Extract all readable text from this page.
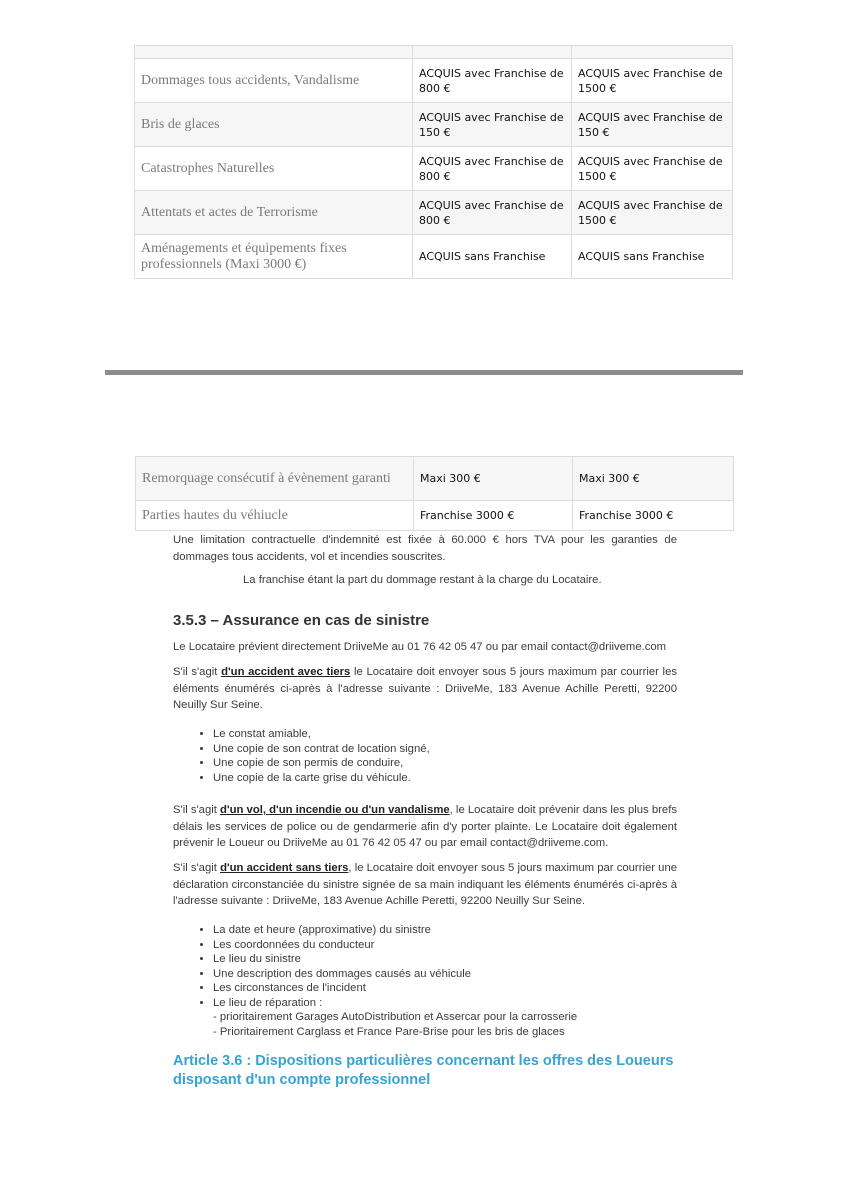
Dommages tous accidents, Vandalisme	ACQUIS avec Franchise de 800 €	ACQUIS avec Franchise de 1500 €
Bris de glaces	ACQUIS avec Franchise de 150 €	ACQUIS avec Franchise de 150 €
Catastrophes Naturelles	ACQUIS avec Franchise de 800 €	ACQUIS avec Franchise de 1500 €
Attentats et actes de Terrorisme	ACQUIS avec Franchise de 800 €	ACQUIS avec Franchise de 1500 €
Aménagements et équipements fixes professionnels (Maxi 3000 €)	ACQUIS sans Franchise	ACQUIS sans Franchise
Remorquage consécutif à évènement garanti	Maxi 300 €	Maxi 300 €
Parties hautes du véhiucle	Franchise 3000 €	Franchise 3000 €

Une limitation contractuelle d'indemnité est fixée à 60.000 € hors TVA pour les garanties de dommages tous accidents, vol et incendies souscrites.

La franchise étant la part du dommage restant à la charge du Locataire.

3.5.3 – Assurance en cas de sinistre

Le Locataire prévient directement DriiveMe au 01 76 42 05 47 ou par email contact@driiveme.com

S'il s'agit d'un accident avec tiers le Locataire doit envoyer sous 5 jours maximum par courrier les éléments énumérés ci-après à l'adresse suivante : DriiveMe, 183 Avenue Achille Peretti, 92200 Neuilly Sur Seine.

• Le constat amiable,
• Une copie de son contrat de location signé,
• Une copie de son permis de conduire,
• Une copie de la carte grise du véhicule.

S'il s'agit d'un vol, d'un incendie ou d'un vandalisme, le Locataire doit prévenir dans les plus brefs délais les services de police ou de gendarmerie afin d'y porter plainte. Le Locataire doit également prévenir le Loueur ou DriiveMe au 01 76 42 05 47 ou par email contact@driiveme.com.

S'il s'agit d'un accident sans tiers, le Locataire doit envoyer sous 5 jours maximum par courrier une déclaration circonstanciée du sinistre signée de sa main indiquant les éléments énumérés ci-après à l'adresse suivante : DriiveMe, 183 Avenue Achille Peretti, 92200 Neuilly Sur Seine.

• La date et heure (approximative) du sinistre
• Les coordonnées du conducteur
• Le lieu du sinistre
• Une description des dommages causés au véhicule
• Les circonstances de l'incident
• Le lieu de réparation :
- prioritairement Garages AutoDistribution et Assercar pour la carrosserie
- Prioritairement Carglass et France Pare-Brise pour les bris de glaces
Article 3.6 : Dispositions particulières concernant les offres des Loueurs disposant d'un compte professionnel
